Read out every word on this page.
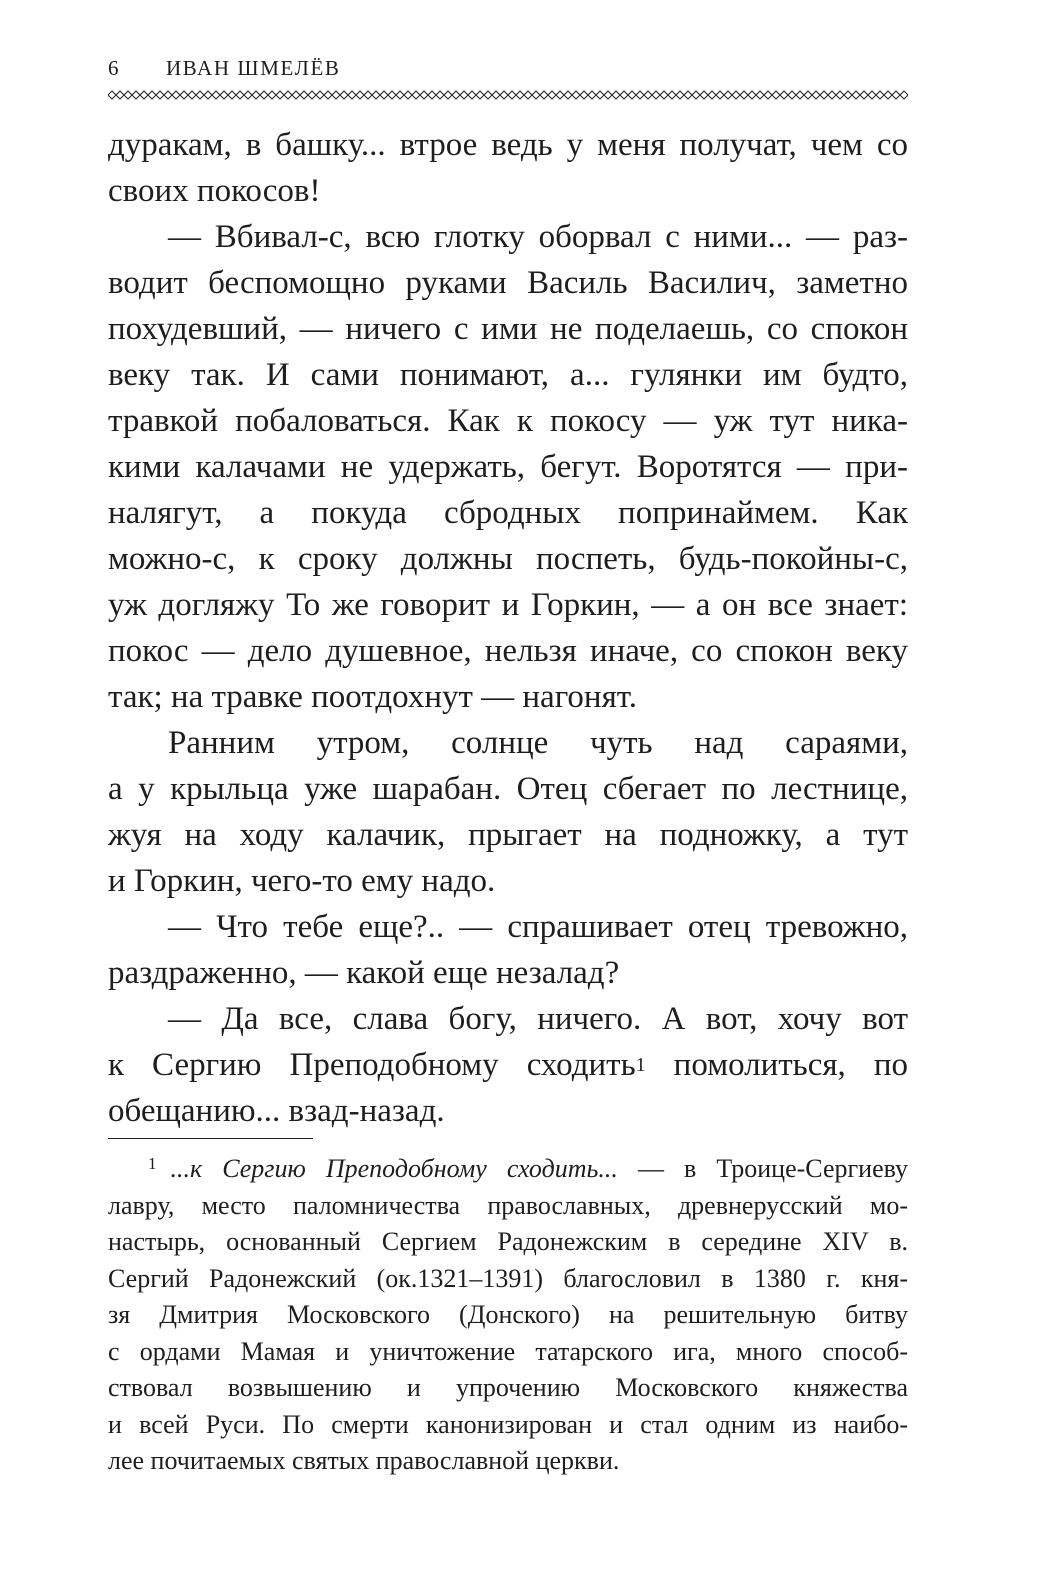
6 ИВАН ШМЕЛЁВ
дуракам, в башку... втрое ведь у меня получат, чем со
своих покосов!
— Вбивал-с, всю глотку оборвал с ними... — раз-
водит беспомощно руками Василь Василич, заметно
похудевший, — ничего с ими не поделаешь, со спокон
веку так. И сами понимают, а... гулянки им будто,
травкой побаловаться. Как к покосу — уж тут ника-
кими калачами не удержать, бегут. Воротятся — при-
налягут, а покуда сбродных попринаймем. Как
можно-с, к сроку должны поспеть, будь-покойны-с,
уж догляжу То же говорит и Горкин, — а он все знает:
покос — дело душевное, нельзя иначе, со спокон веку
так; на травке поотдохнут — нагонят.
Ранним утром, солнце чуть над сараями,
а у крыльца уже шарабан. Отец сбегает по лестнице,
жуя на ходу калачик, прыгает на подножку, а тут
и Горкин, чего-то ему надо.
— Что тебе еще?.. — спрашивает отец тревожно,
раздраженно, — какой еще незалад?
— Да все, слава богу, ничего. А вот, хочу вот
к Сергию Преподобному сходить$^1$ помолиться, по
обещанию... взад-назад.
$^1$ ...к Сергию Преподобному сходить... — в Троице-Сергиеву
лавру, место паломничества православных, древнерусский мо-
настырь, основанный Сергием Радонежским в середине XIV в.
Сергий Радонежский (ок.1321–1391) благословил в 1380 г. кня-
зя Дмитрия Московского (Донского) на решительную битву
с ордами Мамая и уничтожение татарского ига, много способ-
ствовал возвышению и упрочению Московского княжества
и всей Руси. По смерти канонизирован и стал одним из наибо-
лее почитаемых святых православной церкви.
